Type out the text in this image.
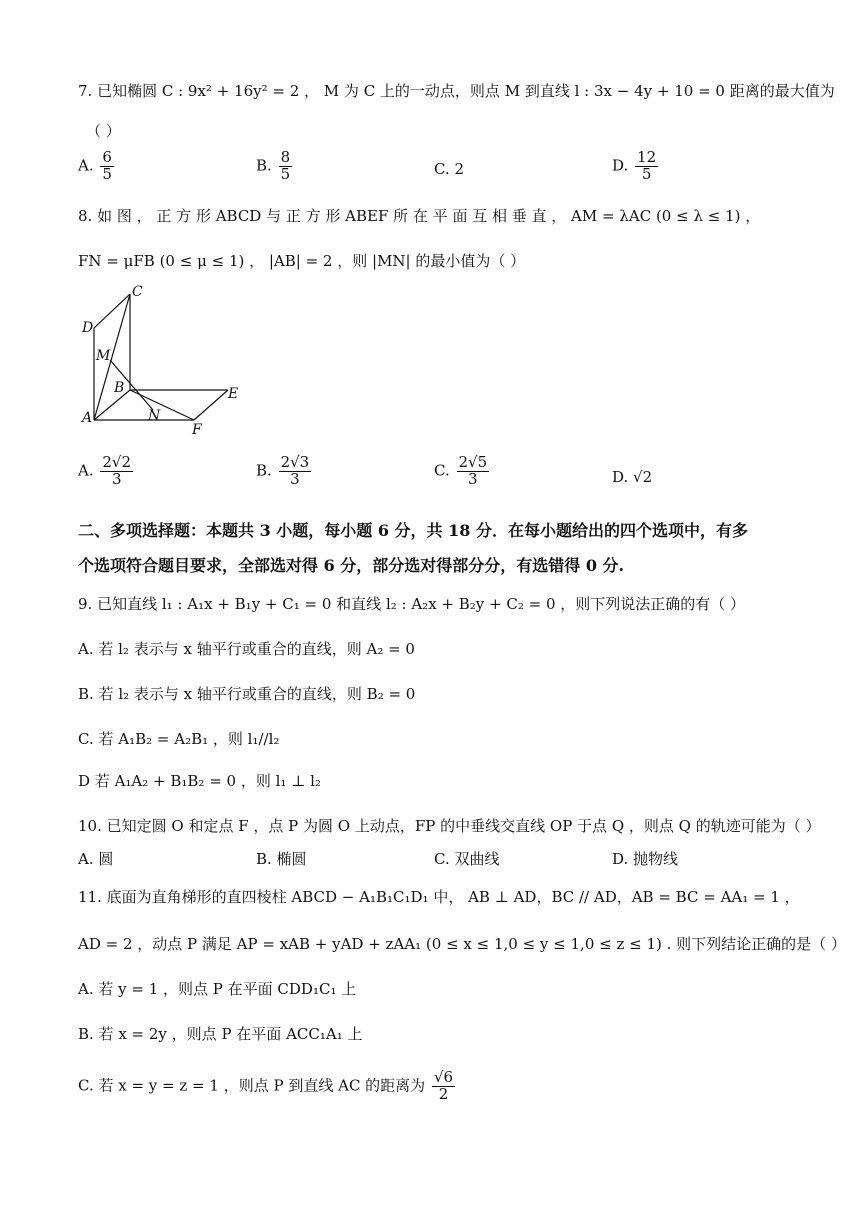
7. 已知椭圆 C : 9x² + 16y² = 2 ， M 为 C 上的一动点，则点 M 到直线 l : 3x − 4y + 10 = 0 距离的最大值为
（ ）
A. $\frac{6}{5}$	B. $\frac{8}{5}$	C. 2	D. $\frac{12}{5}$
8. 如 图 ， 正 方 形 ABCD 与 正 方 形 ABEF 所 在 平 面 互 相 垂 直 ， AM = λAC (0 ≤ λ ≤ 1) ，
FN = μFB (0 ≤ μ ≤ 1) ， |AB| = 2 ，则 |MN| 的最小值为（ ）
C
D
M
B	E
A	N
F
A. $\frac{2√2}{3}$	B. $\frac{2√3}{3}$	C. $\frac{2√5}{3}$	D. √2
二、多项选择题：本题共 3 小题，每小题 6 分，共 18 分．在每小题给出的四个选项中，有多
个选项符合题目要求，全部选对得 6 分，部分选对得部分分，有选错得 0 分.
9. 已知直线 l₁ : A₁x + B₁y + C₁ = 0 和直线 l₂ : A₂x + B₂y + C₂ = 0 ，则下列说法正确的有（ ）
A. 若 l₂ 表示与 x 轴平行或重合的直线，则 A₂ = 0
B. 若 l₂ 表示与 x 轴平行或重合的直线，则 B₂ = 0
C. 若 A₁B₂ = A₂B₁ ，则 l₁//l₂
D 若 A₁A₂ + B₁B₂ = 0 ，则 l₁ ⊥ l₂
10. 已知定圆 O 和定点 F ，点 P 为圆 O 上动点，FP 的中垂线交直线 OP 于点 Q ，则点 Q 的轨迹可能为（ ）
A. 圆	B. 椭圆	C. 双曲线	D. 抛物线
11. 底面为直角梯形的直四棱柱 ABCD − A₁B₁C₁D₁ 中， AB ⊥ AD，BC // AD，AB = BC = AA₁ = 1 ，
AD = 2 ，动点 P 满足 AP = xAB + yAD + zAA₁ (0 ≤ x ≤ 1,0 ≤ y ≤ 1,0 ≤ z ≤ 1) . 则下列结论正确的是（ ）
A. 若 y = 1 ，则点 P 在平面 CDD₁C₁ 上
B. 若 x = 2y ，则点 P 在平面 ACC₁A₁ 上
C. 若 x = y = z = 1 ，则点 P 到直线 AC 的距离为 $\frac{√6}{2}$
